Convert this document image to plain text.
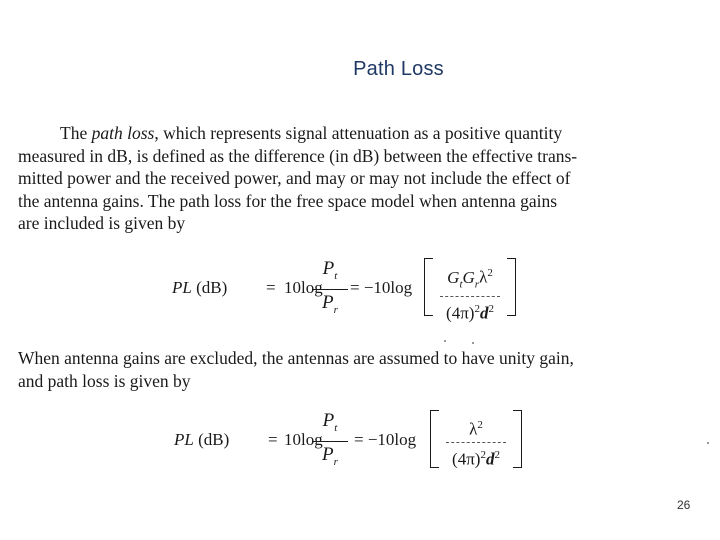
Path Loss
The path loss, which represents signal attenuation as a positive quantity
measured in dB, is defined as the difference (in dB) between the effective trans-
mitted power and the received power, and may or may not include the effect of
the antenna gains. The path loss for the free space model when antenna gains
are included is given by
PL (dB) = 10log
$P_t$
$P_r$
= −10log
$G_tG_r\lambda^2$
$(4\pi)^2d^2$
When antenna gains are excluded, the antennas are assumed to have unity gain,
and path loss is given by
PL (dB) = 10log
$P_t$
$P_r$
= −10log
$\lambda^2$
$(4\pi)^2d^2$
26
